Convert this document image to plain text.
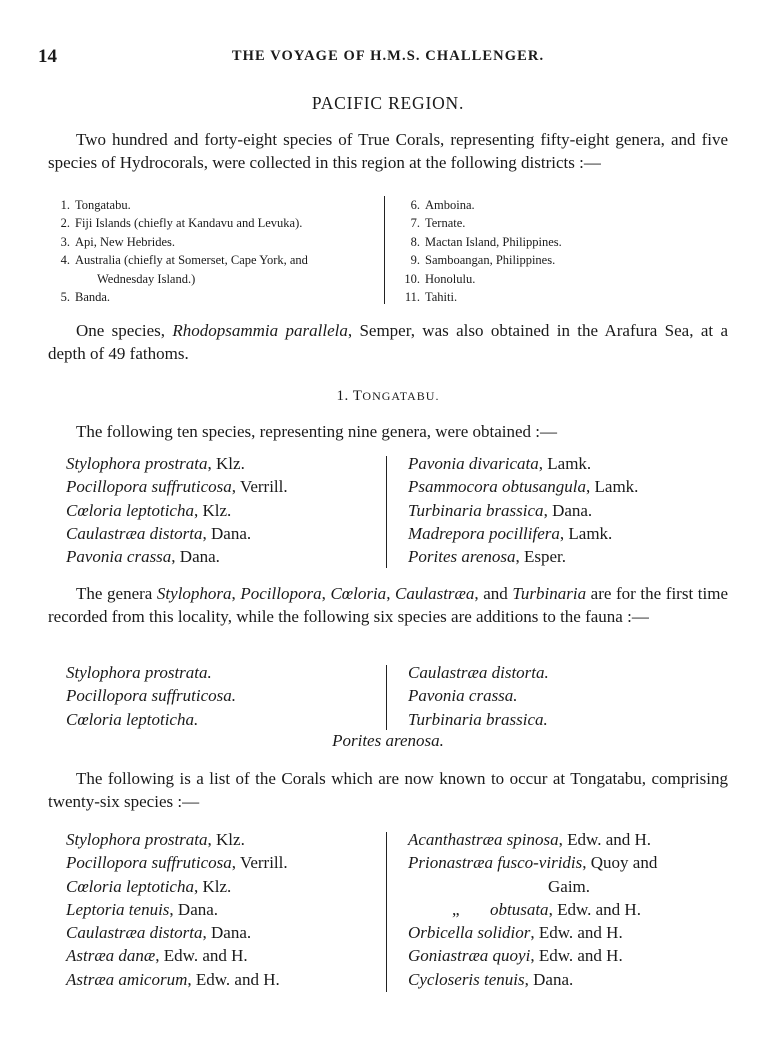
14	THE VOYAGE OF H.M.S. CHALLENGER.
PACIFIC REGION.
Two hundred and forty-eight species of True Corals, representing fifty-eight genera, and five species of Hydrocorals, were collected in this region at the following districts :—
1. Tongatabu.
2. Fiji Islands (chiefly at Kandavu and Levuka).
3. Api, New Hebrides.
4. Australia (chiefly at Somerset, Cape York, and
Wednesday Island.)
5. Banda.
6. Amboina.
7. Ternate.
8. Mactan Island, Philippines.
9. Samboangan, Philippines.
10. Honolulu.
11. Tahiti.
One species, Rhodopsammia parallela, Semper, was also obtained in the Arafura Sea, at a depth of 49 fathoms.
1. TONGATABU.
The following ten species, representing nine genera, were obtained :—
Stylophora prostrata, Klz.
Pocillopora suffruticosa, Verrill.
Cœloria leptoticha, Klz.
Caulastræa distorta, Dana.
Pavonia crassa, Dana.
Pavonia divaricata, Lamk.
Psammocora obtusangula, Lamk.
Turbinaria brassica, Dana.
Madrepora pocillifera, Lamk.
Porites arenosa, Esper.
The genera Stylophora, Pocillopora, Cœloria, Caulastræa, and Turbinaria are for the first time recorded from this locality, while the following six species are additions to the fauna :—
Stylophora prostrata.
Pocillopora suffruticosa.
Cœloria leptoticha.
Caulastræa distorta.
Pavonia crassa.
Turbinaria brassica.
Porites arenosa.
The following is a list of the Corals which are now known to occur at Tongatabu, comprising twenty-six species :—
Stylophora prostrata, Klz.
Pocillopora suffruticosa, Verrill.
Cœloria leptoticha, Klz.
Leptoria tenuis, Dana.
Caulastræa distorta, Dana.
Astræa danæ, Edw. and H.
Astræa amicorum, Edw. and H.
Acanthastræa spinosa, Edw. and H.
Prionastræa fusco-viridis, Quoy and
Gaim.
„ obtusata, Edw. and H.
Orbicella solidior, Edw. and H.
Goniastræa quoyi, Edw. and H.
Cycloseris tenuis, Dana.
